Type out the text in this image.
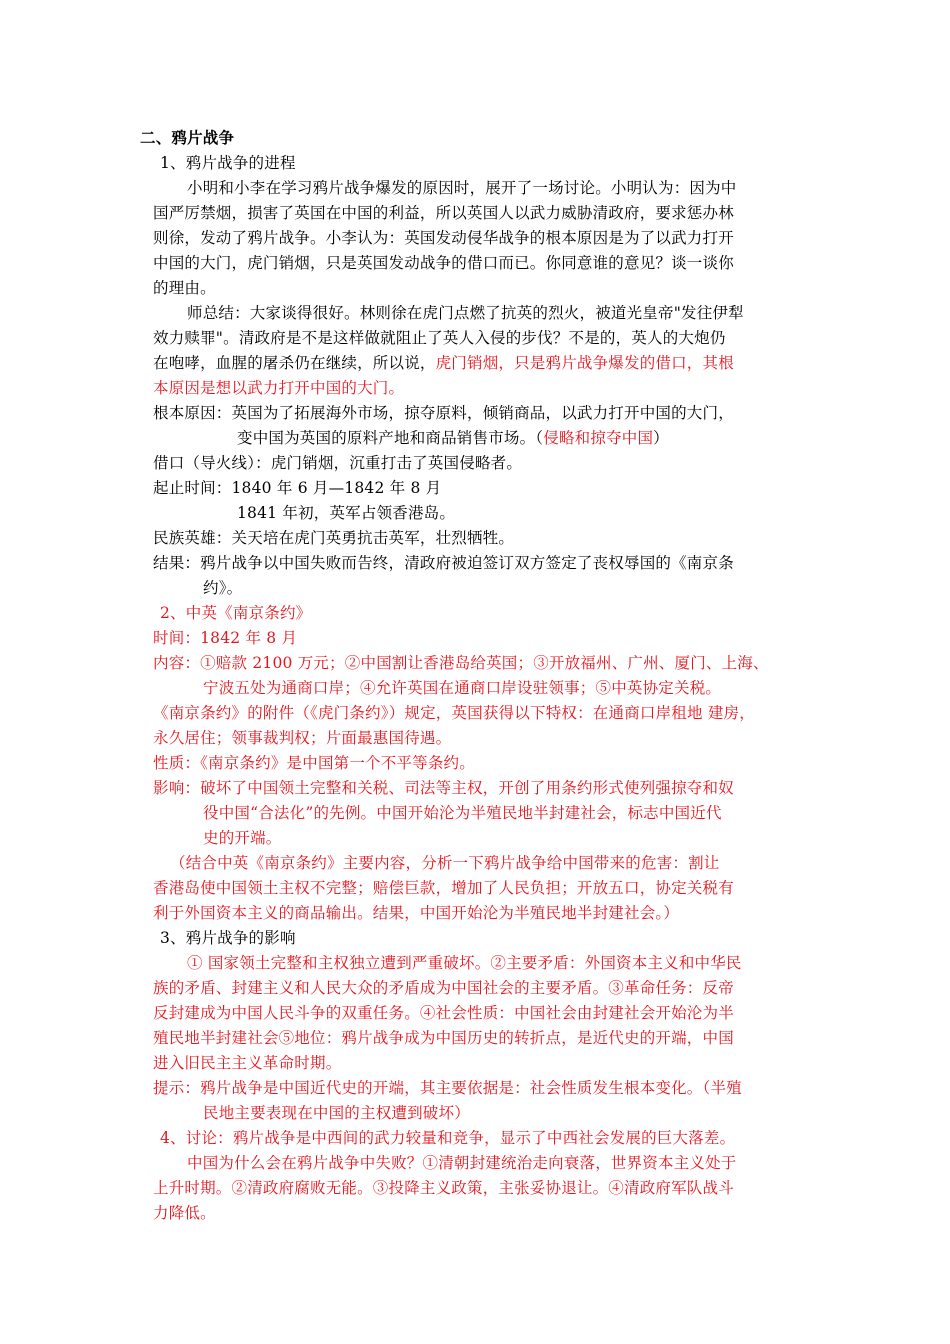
二、鸦片战争
1、鸦片战争的进程
小明和小李在学习鸦片战争爆发的原因时，展开了一场讨论。小明认为：因为中
国严厉禁烟，损害了英国在中国的利益，所以英国人以武力威胁清政府，要求惩办林
则徐，发动了鸦片战争。小李认为：英国发动侵华战争的根本原因是为了以武力打开
中国的大门，虎门销烟，只是英国发动战争的借口而已。你同意谁的意见？谈一谈你
的理由。
师总结：大家谈得很好。林则徐在虎门点燃了抗英的烈火，被道光皇帝"发往伊犁
效力赎罪"。清政府是不是这样做就阻止了英人入侵的步伐？不是的，英人的大炮仍
在咆哮，血腥的屠杀仍在继续，所以说，虎门销烟，只是鸦片战争爆发的借口，其根
本原因是想以武力打开中国的大门。
根本原因：英国为了拓展海外市场，掠夺原料，倾销商品，以武力打开中国的大门，
变中国为英国的原料产地和商品销售市场。（侵略和掠夺中国）
借口（导火线）：虎门销烟，沉重打击了英国侵略者。
起止时间：1840 年 6 月—1842 年 8 月
1841 年初，英军占领香港岛。
民族英雄：关天培在虎门英勇抗击英军，壮烈牺牲。
结果：鸦片战争以中国失败而告终，清政府被迫签订双方签定了丧权辱国的《南京条
约》。
2、中英《南京条约》
时间：1842 年 8 月
内容：①赔款 2100 万元；②中国割让香港岛给英国；③开放福州、广州、厦门、上海、
宁波五处为通商口岸；④允许英国在通商口岸设驻领事；⑤中英协定关税。
《南京条约》的附件（《虎门条约》）规定，英国获得以下特权：在通商口岸租地 建房，
永久居住；领事裁判权；片面最惠国待遇。
性质：《南京条约》是中国第一个不平等条约。
影响：破坏了中国领土完整和关税、司法等主权，开创了用条约形式使列强掠夺和奴
役中国“合法化”的先例。中国开始沦为半殖民地半封建社会，标志中国近代
史的开端。
（结合中英《南京条约》主要内容，分析一下鸦片战争给中国带来的危害：割让
香港岛使中国领土主权不完整；赔偿巨款，增加了人民负担；开放五口，协定关税有
利于外国资本主义的商品输出。结果，中国开始沦为半殖民地半封建社会。）
3、鸦片战争的影响
① 国家领土完整和主权独立遭到严重破坏。②主要矛盾：外国资本主义和中华民
族的矛盾、封建主义和人民大众的矛盾成为中国社会的主要矛盾。③革命任务：反帝
反封建成为中国人民斗争的双重任务。④社会性质：中国社会由封建社会开始沦为半
殖民地半封建社会⑤地位：鸦片战争成为中国历史的转折点，是近代史的开端，中国
进入旧民主主义革命时期。
提示：鸦片战争是中国近代史的开端，其主要依据是：社会性质发生根本变化。（半殖
民地主要表现在中国的主权遭到破坏）
4、讨论：鸦片战争是中西间的武力较量和竞争，显示了中西社会发展的巨大落差。
中国为什么会在鸦片战争中失败？①清朝封建统治走向衰落，世界资本主义处于
上升时期。②清政府腐败无能。③投降主义政策，主张妥协退让。④清政府军队战斗
力降低。
